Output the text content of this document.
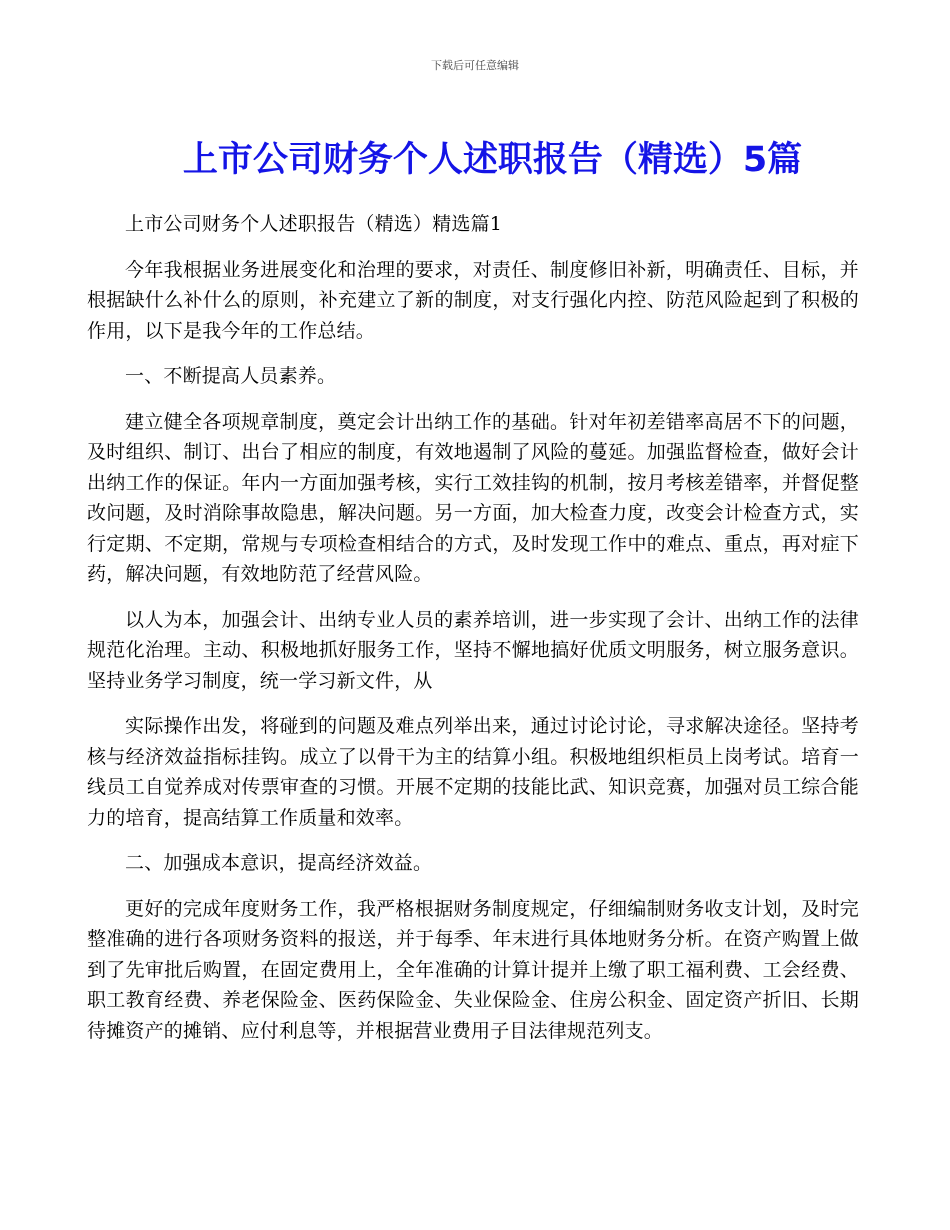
下载后可任意编辑
上市公司财务个人述职报告（精选）5篇

上市公司财务个人述职报告（精选）精选篇1

今年我根据业务进展变化和治理的要求，对责任、制度修旧补新，明确责任、目标，并根据缺什么补什么的原则，补充建立了新的制度，对支行强化内控、防范风险起到了积极的作用，以下是我今年的工作总结。

一、不断提高人员素养。

建立健全各项规章制度，奠定会计出纳工作的基础。针对年初差错率高居不下的问题，及时组织、制订、出台了相应的制度，有效地遏制了风险的蔓延。加强监督检查，做好会计出纳工作的保证。年内一方面加强考核，实行工效挂钩的机制，按月考核差错率，并督促整改问题，及时消除事故隐患，解决问题。另一方面，加大检查力度，改变会计检查方式，实行定期、不定期，常规与专项检查相结合的方式，及时发现工作中的难点、重点，再对症下药，解决问题，有效地防范了经营风险。

以人为本，加强会计、出纳专业人员的素养培训，进一步实现了会计、出纳工作的法律规范化治理。主动、积极地抓好服务工作，坚持不懈地搞好优质文明服务，树立服务意识。坚持业务学习制度，统一学习新文件，从

实际操作出发，将碰到的问题及难点列举出来，通过讨论讨论，寻求解决途径。坚持考核与经济效益指标挂钩。成立了以骨干为主的结算小组。积极地组织柜员上岗考试。培育一线员工自觉养成对传票审查的习惯。开展不定期的技能比武、知识竞赛，加强对员工综合能力的培育，提高结算工作质量和效率。

二、加强成本意识，提高经济效益。

更好的完成年度财务工作，我严格根据财务制度规定，仔细编制财务收支计划，及时完整准确的进行各项财务资料的报送，并于每季、年末进行具体地财务分析。在资产购置上做到了先审批后购置，在固定费用上，全年准确的计算计提并上缴了职工福利费、工会经费、职工教育经费、养老保险金、医药保险金、失业保险金、住房公积金、固定资产折旧、长期待摊资产的摊销、应付利息等，并根据营业费用子目法律规范列支。
